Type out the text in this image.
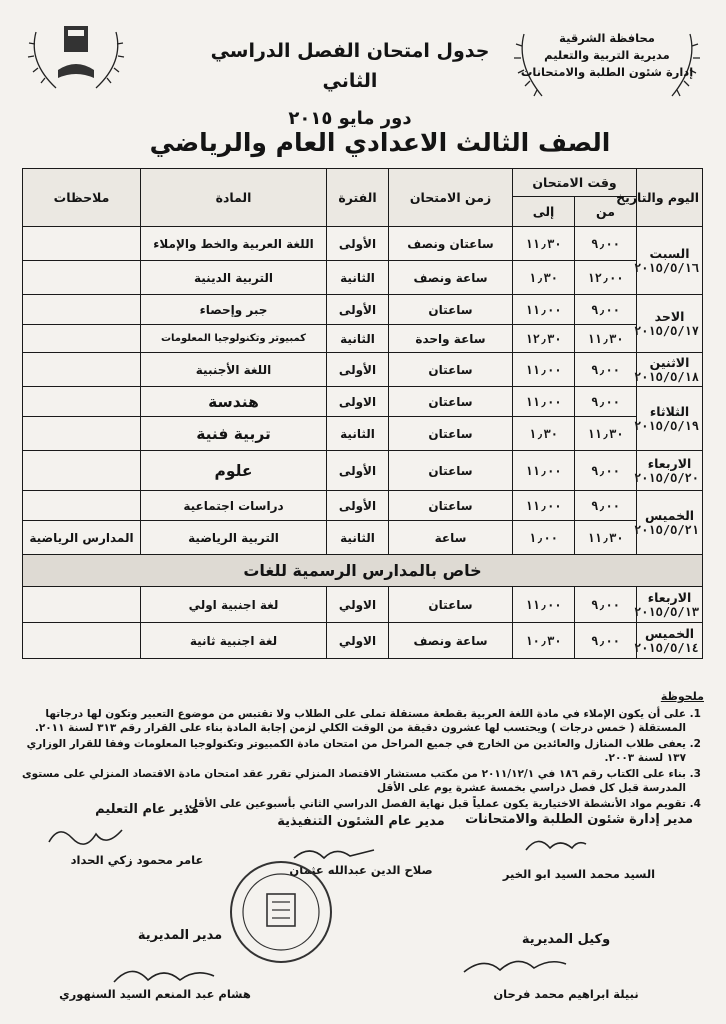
محافظة الشرقية
مديرية التربية والتعليم
إدارة شئون الطلبة والامتحانات
جدول امتحان الفصل الدراسي الثاني
دور مايو ٢٠١٥
الصف الثالث الاعدادي العام والرياضي
اليوم والتاريخ	وقت الامتحان		زمن الامتحان	الفترة	المادة	ملاحظات
	من	إلى				

السبت
٢٠١٥/٥/١٦	٩٫٠٠	١١٫٣٠	ساعتان ونصف	الأولى	اللغة العربية والخط والإملاء	
	١٢٫٠٠	١٫٣٠	ساعة ونصف	الثانية	التربية الدينية	

الاحد
٢٠١٥/٥/١٧	٩٫٠٠	١١٫٠٠	ساعتان	الأولى	جبر وإحصاء	
	١١٫٣٠	١٢٫٣٠	ساعة واحدة	الثانية	كمبيوتر وتكنولوجيا المعلومات	

الاثنين
٢٠١٥/٥/١٨	٩٫٠٠	١١٫٠٠	ساعتان	الأولى	اللغة الأجنبية	

الثلاثاء
٢٠١٥/٥/١٩	٩٫٠٠	١١٫٠٠	ساعتان	الاولى	هندسة	
	١١٫٣٠	١٫٣٠	ساعتان	الثانية	تربية فنية	

الاربعاء
٢٠١٥/٥/٢٠	٩٫٠٠	١١٫٠٠	ساعتان	الأولى	علوم	

الخميس
٢٠١٥/٥/٢١	٩٫٠٠	١١٫٠٠	ساعتان	الأولى	دراسات اجتماعية	
	١١٫٣٠	١٫٠٠	ساعة	الثانية	التربية الرياضية	المدارس الرياضية
خاص بالمدارس الرسمية للغات						

الاربعاء
٢٠١٥/٥/١٣	٩٫٠٠	١١٫٠٠	ساعتان	الاولي	لغة اجنبية اولي	

الخميس
٢٠١٥/٥/١٤	٩٫٠٠	١٠٫٣٠	ساعة ونصف	الاولي	لغة اجنبية ثانية	
ملحوظة
1. على أن يكون الإملاء في مادة اللغة العربية بقطعة مستقلة تملى على الطلاب ولا تقتبس من موضوع التعبير وتكون لها درجاتها المستقلة ( خمس درجات ) ويحتسب لها عشرون دقيقة من الوقت الكلي لزمن إجابة المادة بناء على القرار رقم ٣١٣ لسنة ٢٠١١.
2. يعفى طلاب المنازل والعائدين من الخارج في جميع المراحل من امتحان مادة الكمبيوتر وتكنولوجيا المعلومات وفقا للقرار الوزاري ١٣٧ لسنة ٢٠٠٣.
3. بناء على الكتاب رقم ١٨٦ في ٢٠١١/١٢/١ من مكتب مستشار الاقتصاد المنزلي تقرر عقد امتحان مادة الاقتصاد المنزلي على مستوى المدرسة قبل كل فصل دراسي بخمسة عشرة يوم على الأقل
4. تقويم مواد الأنشطة الاختيارية يكون عملياً قبل نهاية الفصل الدراسي الثاني بأسبوعين على الأقل.
مدير إدارة شئون الطلبة والامتحانات
السيد محمد السيد ابو الخير
مدير عام الشئون التنفيذية
صلاح الدين عبدالله عثمان
مدير عام التعليم
عامر محمود زكي الحداد
وكيل المديرية
نبيلة ابراهيم محمد فرحان
مدير المديرية
هشام عبد المنعم السيد السنهوري
